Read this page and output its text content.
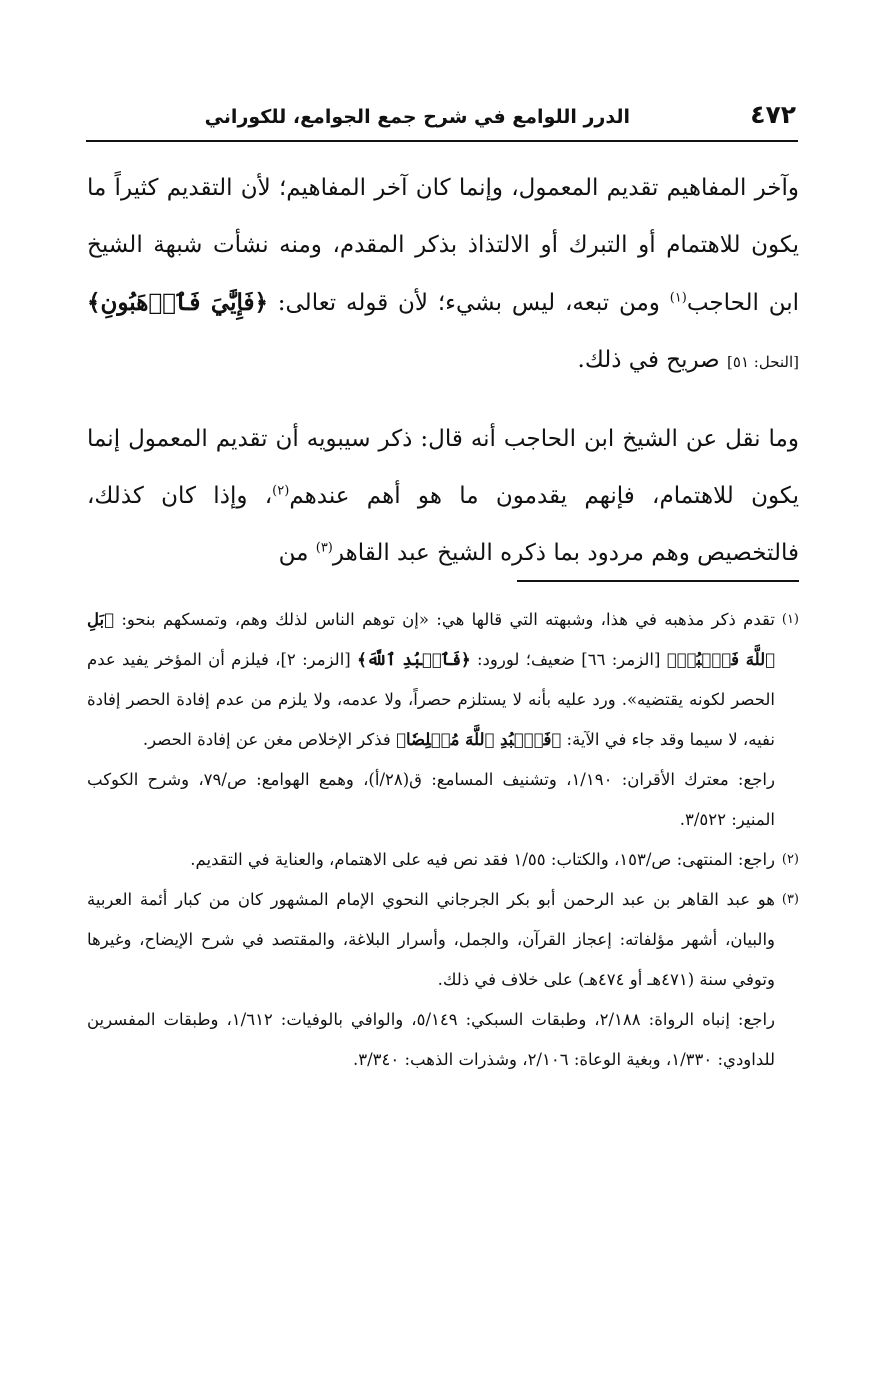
٤٧٢
الدرر اللوامع في شرح جمع الجوامع، للكوراني

وآخر المفاهيم تقديم المعمول، وإنما كان آخر المفاهيم؛ لأن التقديم كثيراً ما يكون للاهتمام أو التبرك أو الالتذاذ بذكر المقدم، ومنه نشأت شبهة الشيخ ابن الحاجب$^{(١)}$ ومن تبعه، ليس بشيء؛ لأن قوله تعالى: ﴿فَإِيَّٰيَ فَٱرۡهَبُونِ﴾ [النحل: ٥١] صريح في ذلك.

وما نقل عن الشيخ ابن الحاجب أنه قال: ذكر سيبويه أن تقديم المعمول إنما يكون للاهتمام، فإنهم يقدمون ما هو أهم عندهم$^{(٢)}$، وإذا كان كذلك، فالتخصيص وهم مردود بما ذكره الشيخ عبد القاهر$^{(٣)}$ من

(١)
تقدم ذكر مذهبه في هذا، وشبهته التي قالها هي: «إن توهم الناس لذلك وهم، وتمسكهم بنحو: ﴿بَلِ ٱللَّهَ فَٱعۡبُدۡ﴾ [الزمر: ٦٦] ضعيف؛ لورود: ﴿فَٱعۡبُدِ ٱللَّهَ﴾ [الزمر: ٢]، فيلزم أن المؤخر يفيد عدم الحصر لكونه يقتضيه». ورد عليه بأنه لا يستلزم حصراً، ولا عدمه، ولا يلزم من عدم إفادة الحصر إفادة نفيه، لا سيما وقد جاء في الآية: ﴿فَٱعۡبُدِ ٱللَّهَ مُخۡلِصٗا﴾ فذكر الإخلاص مغن عن إفادة الحصر.
راجع: معترك الأقران: ١/١٩٠، وتشنيف المسامع: ق(٢٨/أ)، وهمع الهوامع: ص/٧٩، وشرح الكوكب المنير: ٣/٥٢٢.
(٢)
راجع: المنتهى: ص/١٥٣، والكتاب: ١/٥٥ فقد نص فيه على الاهتمام، والعناية في التقديم.
(٣)
هو عبد القاهر بن عبد الرحمن أبو بكر الجرجاني النحوي الإمام المشهور كان من كبار أئمة العربية والبيان، أشهر مؤلفاته: إعجاز القرآن، والجمل، وأسرار البلاغة، والمقتصد في شرح الإيضاح، وغيرها وتوفي سنة (٤٧١هـ أو ٤٧٤هـ) على خلاف في ذلك.
راجع: إنباه الرواة: ٢/١٨٨، وطبقات السبكي: ٥/١٤٩، والوافي بالوفيات: ١/٦١٢، وطبقات المفسرين للداودي: ١/٣٣٠، وبغية الوعاة: ٢/١٠٦، وشذرات الذهب: ٣/٣٤٠.
